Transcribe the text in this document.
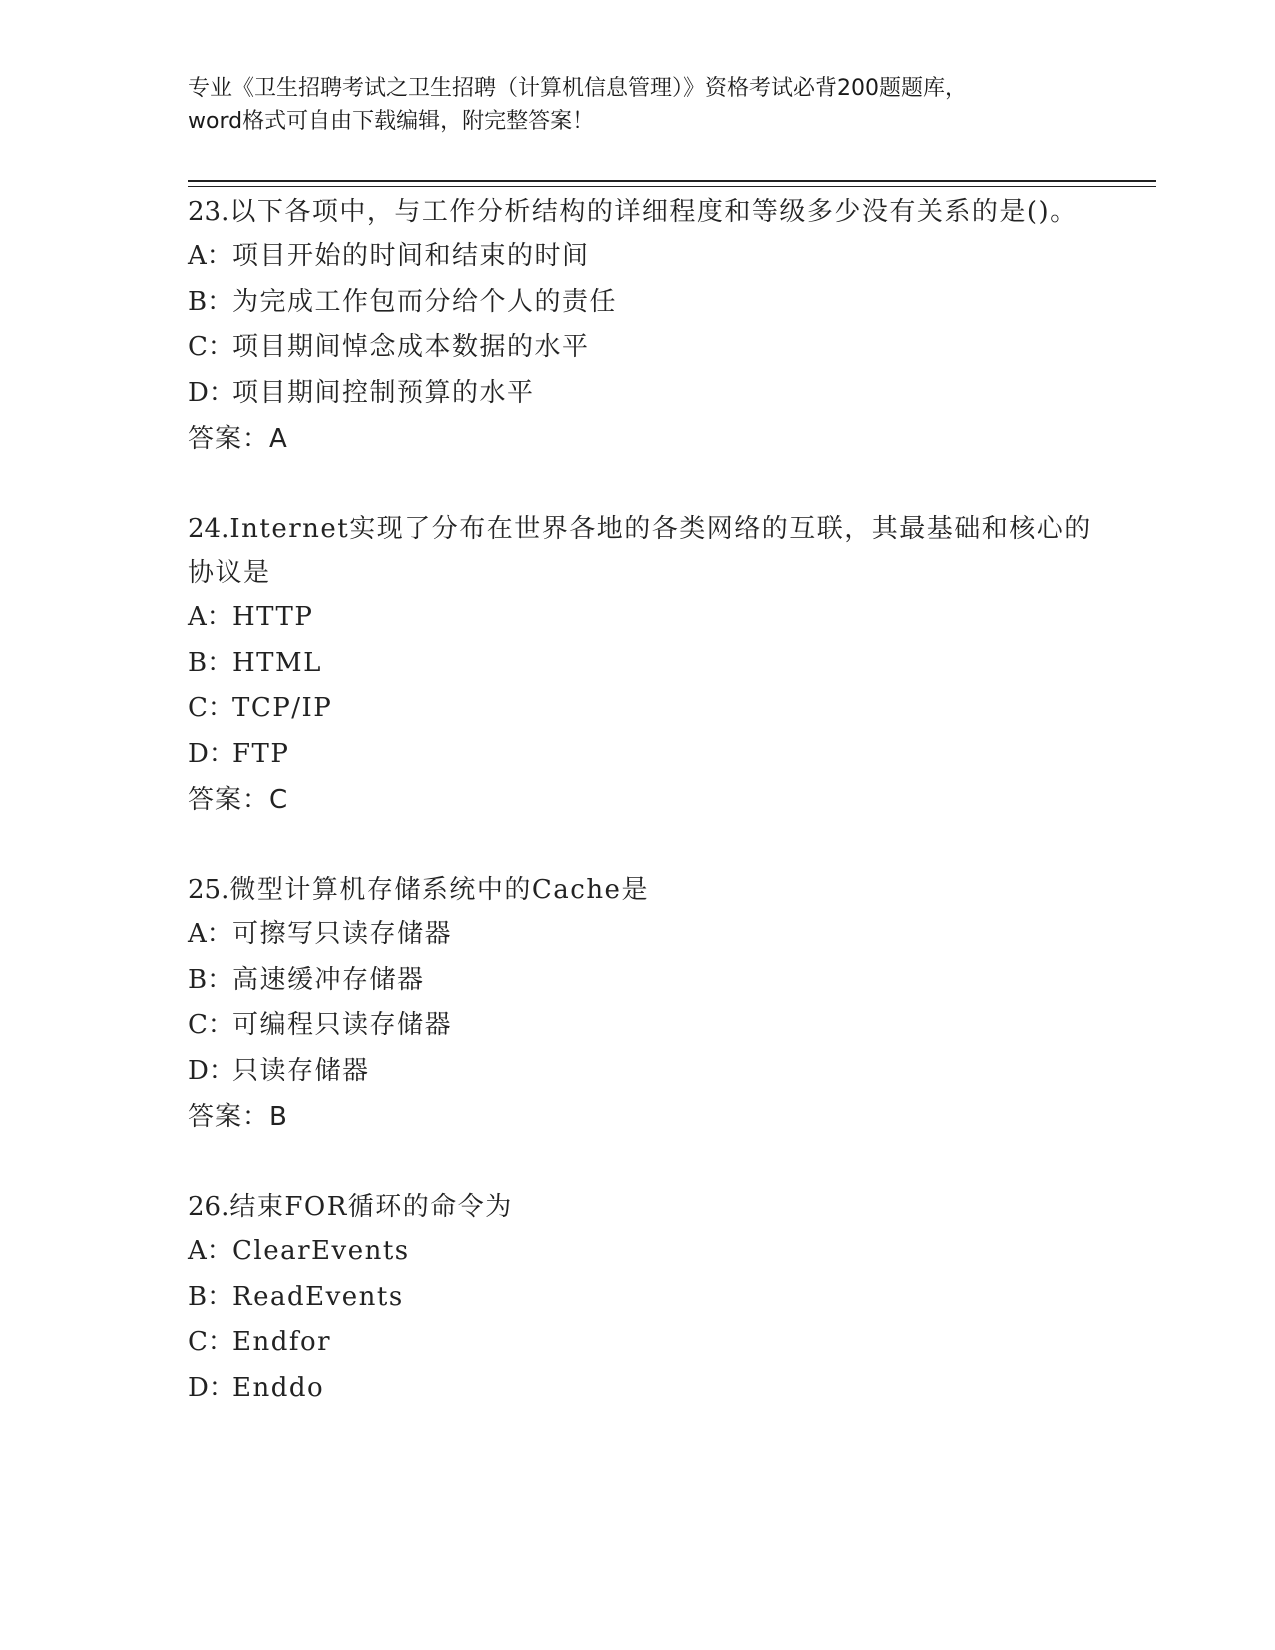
专业《卫生招聘考试之卫生招聘（计算机信息管理）》资格考试必背200题题库，
word格式可自由下载编辑，附完整答案！
23.以下各项中，与工作分析结构的详细程度和等级多少没有关系的是()。
A：项目开始的时间和结束的时间
B：为完成工作包而分给个人的责任
C：项目期间悼念成本数据的水平
D：项目期间控制预算的水平
答案：A
24.Internet实现了分布在世界各地的各类网络的互联，其最基础和核心的协议是
A：HTTP
B：HTML
C：TCP/IP
D：FTP
答案：C
25.微型计算机存储系统中的Cache是
A：可擦写只读存储器
B：高速缓冲存储器
C：可编程只读存储器
D：只读存储器
答案：B
26.结束FOR循环的命令为
A：ClearEvents
B：ReadEvents
C：Endfor
D：Enddo
